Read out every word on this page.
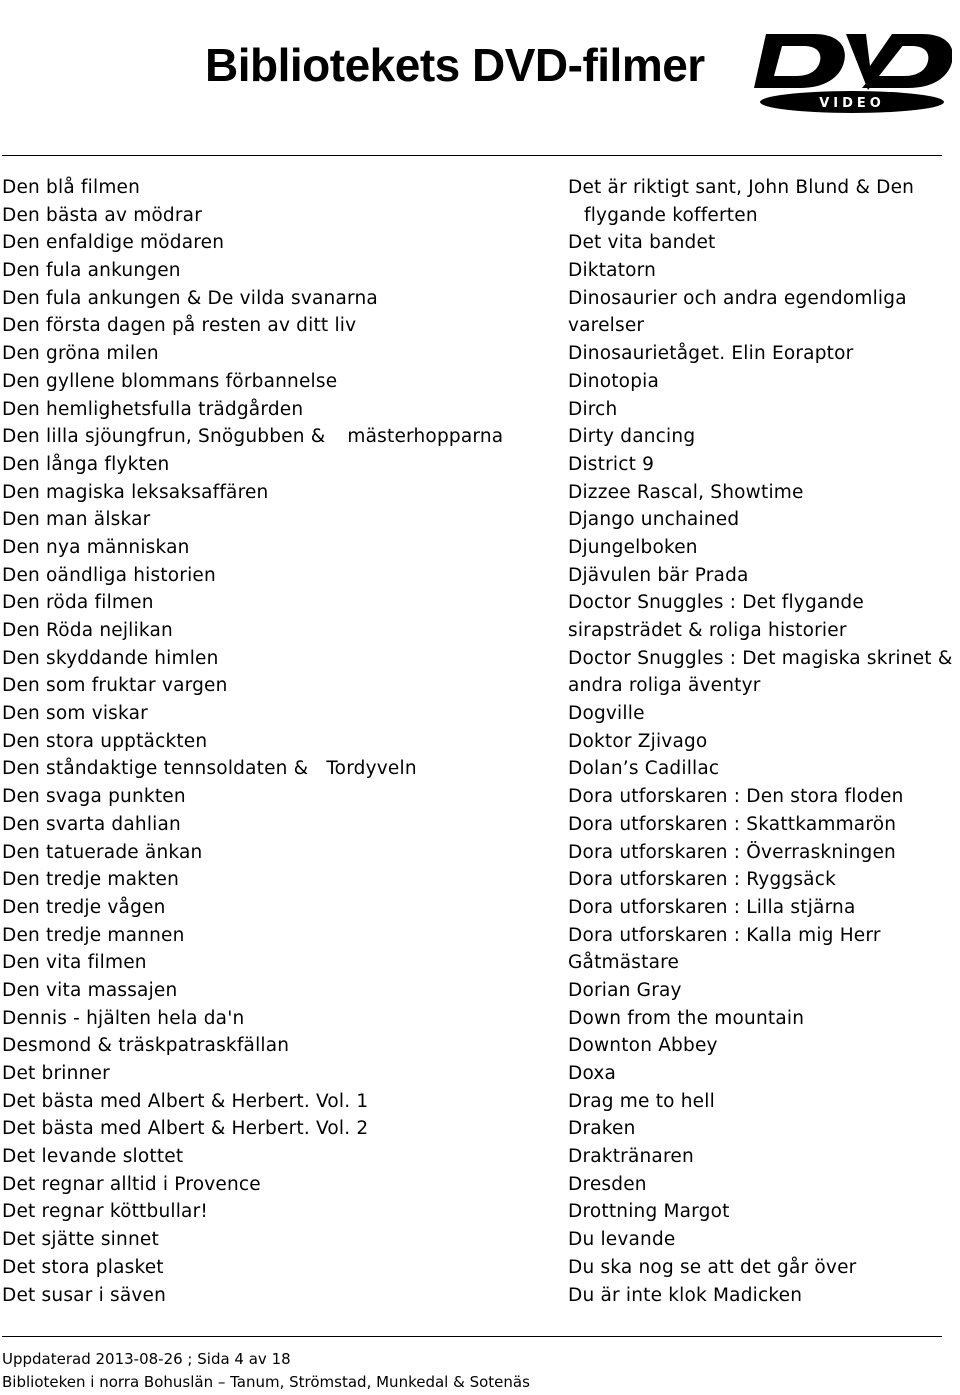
Bibliotekets DVD-filmer
VIDEO
Den blå filmen
Den bästa av mödrar
Den enfaldige mödaren
Den fula ankungen
Den fula ankungen & De vilda svanarna
Den första dagen på resten av ditt liv
Den gröna milen
Den gyllene blommans förbannelse
Den hemlighetsfulla trädgården
Den lilla sjöungfrun, Snögubben & mästerhopparna
Den långa flykten
Den magiska leksaksaffären
Den man älskar
Den nya människan
Den oändliga historien
Den röda filmen
Den Röda nejlikan
Den skyddande himlen
Den som fruktar vargen
Den som viskar
Den stora upptäckten
Den ståndaktige tennsoldaten & Tordyveln
Den svaga punkten
Den svarta dahlian
Den tatuerade änkan
Den tredje makten
Den tredje vågen
Den tredje mannen
Den vita filmen
Den vita massajen
Dennis - hjälten hela da'n
Desmond & träskpatraskfällan
Det brinner
Det bästa med Albert & Herbert. Vol. 1
Det bästa med Albert & Herbert. Vol. 2
Det levande slottet
Det regnar alltid i Provence
Det regnar köttbullar!
Det sjätte sinnet
Det stora plasket
Det susar i säven
Det är riktigt sant, John Blund & Den
flygande kofferten
Det vita bandet
Diktatorn
Dinosaurier och andra egendomliga
varelser
Dinosaurietåget. Elin Eoraptor
Dinotopia
Dirch
Dirty dancing
District 9
Dizzee Rascal, Showtime
Django unchained
Djungelboken
Djävulen bär Prada
Doctor Snuggles : Det flygande
sirapsträdet & roliga historier
Doctor Snuggles : Det magiska skrinet &
andra roliga äventyr
Dogville
Doktor Zjivago
Dolan’s Cadillac
Dora utforskaren : Den stora floden
Dora utforskaren : Skattkammarön
Dora utforskaren : Överraskningen
Dora utforskaren : Ryggsäck
Dora utforskaren : Lilla stjärna
Dora utforskaren : Kalla mig Herr
Gåtmästare
Dorian Gray
Down from the mountain
Downton Abbey
Doxa
Drag me to hell
Draken
Draktränaren
Dresden
Drottning Margot
Du levande
Du ska nog se att det går över
Du är inte klok Madicken
Uppdaterad 2013-08-26 ; Sida 4 av 18
Biblioteken i norra Bohuslän – Tanum, Strömstad, Munkedal & Sotenäs
